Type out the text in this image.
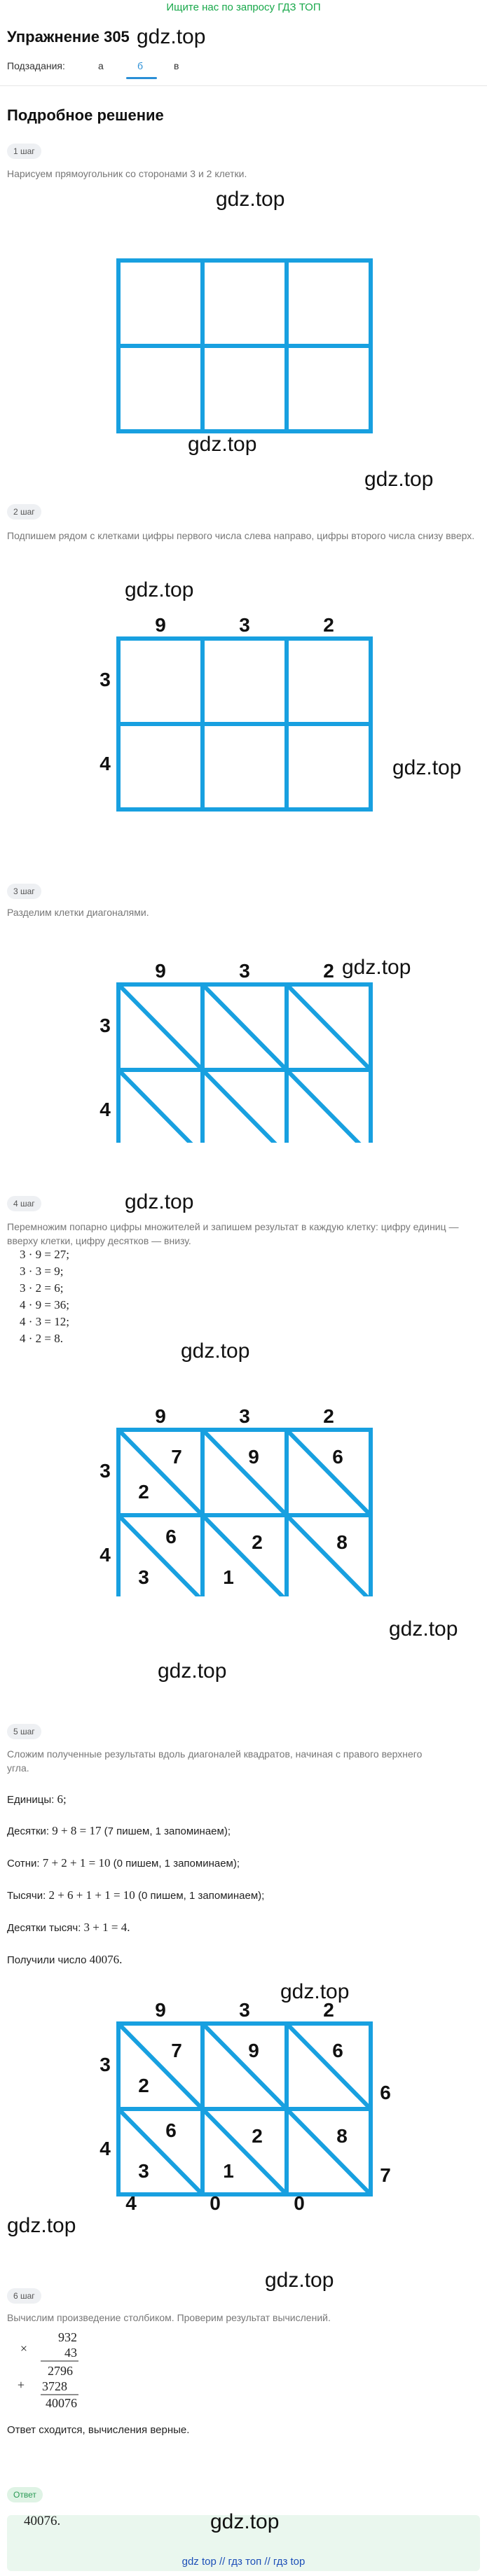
Ищите нас по запросу ГДЗ ТОП
Упражнение 305 gdz.top
Подзадания:	а	б	в
Подробное решение
1 шаг
Нарисуем прямоугольник со сторонами 3 и 2 клетки.
gdz.top
gdz.top
gdz.top
2 шаг
Подпишем рядом с клетками цифры первого числа слева направо, цифры второго числа снизу вверх.
gdz.top
9	3	2
3
4	gdz.top
3 шаг
Разделим клетки диагоналями.
gdz.top
9	3	2
3
4
gdz.top
4 шаг
Перемножим попарно цифры множителей и запишем результат в каждую клетку: цифру единиц — вверху клетки, цифру десятков — внизу.
3 · 9 = 27;
3 · 3 = 9;
3 · 2 = 6;
4 · 9 = 36;
4 · 3 = 12;
4 · 2 = 8.
gdz.top
9	3	2
3
4
7
2
9	6
6
3
2
1
8
gdz.top
gdz.top
5 шаг
Сложим полученные результаты вдоль диагоналей квадратов, начиная с правого верхнего угла.
Единицы: 6;
Десятки: 9 + 8 = 17 (7 пишем, 1 запоминаем);
Сотни: 7 + 2 + 1 = 10 (0 пишем, 1 запоминаем);
Тысячи: 2 + 6 + 1 + 1 = 10 (0 пишем, 1 запоминаем);
Десятки тысяч: 3 + 1 = 4.
Получили число 40076.
gdz.top
9	3	2
3
4
7
2
9	6
6
3
2
1
8
6
7
4	0	0
gdz.top
gdz.top
6 шаг
Вычислим произведение столбиком. Проверим результат вычислений.
×
932
43
+
2796
3728
40076
Ответ сходится, вычисления верные.
Ответ
40076.	gdz.top
gdz top // гдз топ // гдз top
